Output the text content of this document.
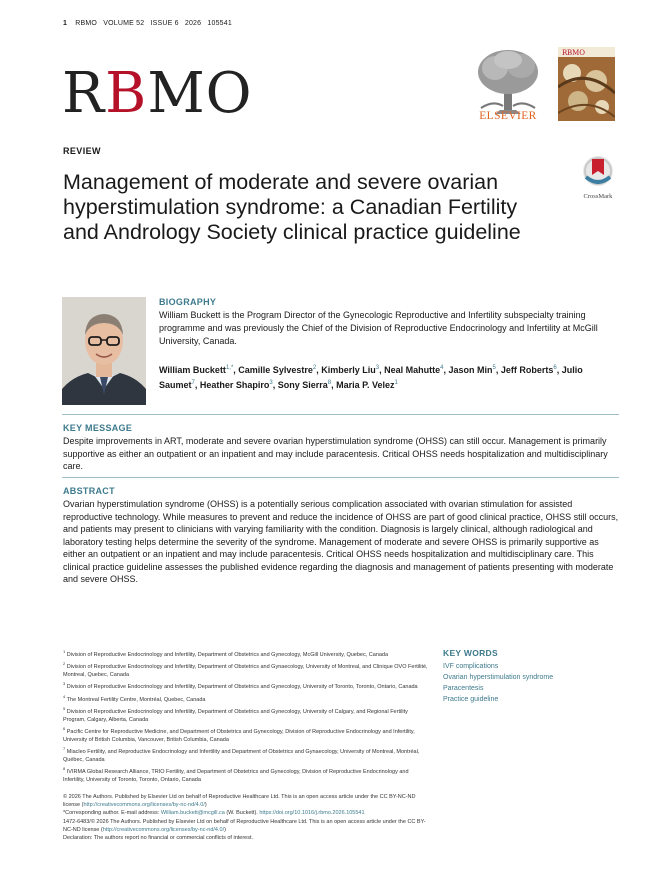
1 RBMO VOLUME 52 ISSUE 6 2026 105541
RBMO	ELSEVIER
R BMO
REVIEW
Management of moderate and severe ovarian hyperstimulation syndrome: a Canadian Fertility and Andrology Society clinical practice guideline
CrossMark
BIOGRAPHY
William Buckett is the Program Director of the Gynecologic Reproductive and Infertility subspecialty training programme and was previously the Chief of the Division of Reproductive Endocrinology and Infertility at McGill University, Canada.
William Buckett$^{1,*}$, Camille Sylvestre$^2$, Kimberly Liu$^3$, Neal Mahutte$^4$, Jason Min$^5$, Jeff Roberts$^6$, Julio Saumet$^7$, Heather Shapiro$^3$, Sony Sierra$^8$, Maria P. Velez$^1$
KEY MESSAGE
Despite improvements in ART, moderate and severe ovarian hyperstimulation syndrome (OHSS) can still occur. Management is primarily supportive as either an outpatient or an inpatient and may include paracentesis. Critical OHSS needs hospitalization and multidisciplinary care.
ABSTRACT
Ovarian hyperstimulation syndrome (OHSS) is a potentially serious complication associated with ovarian stimulation for assisted reproductive technology. While measures to prevent and reduce the incidence of OHSS are part of good clinical practice, OHSS still occurs, and patients may present to clinicians with varying familiarity with the condition. Diagnosis is largely clinical, although radiological and laboratory testing helps determine the severity of the syndrome. Management of moderate and severe OHSS is primarily supportive as either an outpatient or an inpatient and may include paracentesis. Critical OHSS needs hospitalization and multidisciplinary care. This clinical practice guideline assesses the published evidence regarding the diagnosis and management of patients presenting with moderate and severe OHSS.
$^1$ Division of Reproductive Endocrinology and Infertility, Department of Obstetrics and Gynecology, McGill University, Quebec, Canada
$^2$ Division of Reproductive Endocrinology and Infertility, Department of Obstetrics and Gynaecology, University of Montreal, and Clinique OVO Fertilité, Montreal, Quebec, Canada
$^3$ Division of Reproductive Endocrinology and Infertility, Department of Obstetrics and Gynecology, University of Toronto, Toronto, Ontario, Canada
$^4$ The Montreal Fertility Centre, Montréal, Quebec, Canada
$^5$ Division of Reproductive Endocrinology and Infertility, Department of Obstetrics and Gynecology, University of Calgary, and Regional Fertility Program, Calgary, Alberta, Canada
$^6$ Pacific Centre for Reproductive Medicine, and Department of Obstetrics and Gynecology, Division of Reproductive Endocrinology and Infertility, University of British Columbia, Vancouver, British Columbia, Canada
$^7$ Miacleo Fertility, and Reproductive Endocrinology and Infertility and Department of Obstetrics and Gynaecology, University of Montreal, Montréal, Québec, Canada
$^8$ IVIRMA Global Research Alliance, TRIO Fertility, and Department of Obstetrics and Gynecology, Division of Reproductive Endocrinology and Infertility, University of Toronto, Toronto, Ontario, Canada
KEY WORDS
IVF complications
Ovarian hyperstimulation syndrome
Paracentesis
Practice guideline
© 2026 The Authors. Published by Elsevier Ltd on behalf of Reproductive Healthcare Ltd. This is an open access article under the CC BY-NC-ND license (http://creativecommons.org/licenses/by-nc-nd/4.0/)
*Corresponding author. E-mail address: William.buckett@mcgill.ca (W. Buckett). https://doi.org/10.1016/j.rbmo.2026.105541
1472-6483/© 2026 The Authors. Published by Elsevier Ltd on behalf of Reproductive Healthcare Ltd. This is an open access article under the CC BY-NC-ND license (http://creativecommons.org/licenses/by-nc-nd/4.0/)
Declaration: The authors report no financial or commercial conflicts of interest.
